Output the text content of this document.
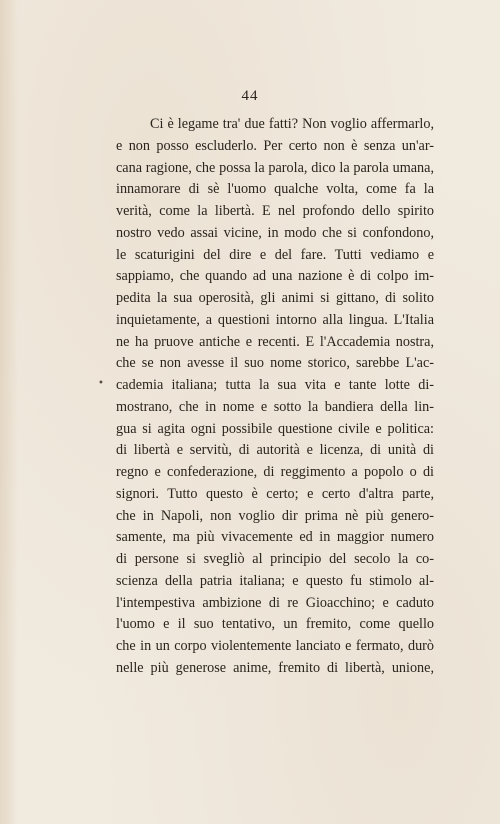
44
•
Ci è legame tra' due fatti? Non voglio affermarlo,
e non posso escluderlo. Per certo non è senza un'ar-
cana ragione, che possa la parola, dico la parola umana,
innamorare di sè l'uomo qualche volta, come fa la
verità, come la libertà. E nel profondo dello spirito
nostro vedo assai vicine, in modo che si confondono,
le scaturigini del dire e del fare. Tutti vediamo e
sappiamo, che quando ad una nazione è di colpo im-
pedita la sua operosità, gli animi si gittano, di solito
inquietamente, a questioni intorno alla lingua. L'Italia
ne ha pruove antiche e recenti. E l'Accademia nostra,
che se non avesse il suo nome storico, sarebbe L'ac-
cademia italiana; tutta la sua vita e tante lotte di-
mostrano, che in nome e sotto la bandiera della lin-
gua si agita ogni possibile questione civile e politica:
di libertà e servitù, di autorità e licenza, di unità di
regno e confederazione, di reggimento a popolo o di
signori. Tutto questo è certo; e certo d'altra parte,
che in Napoli, non voglio dir prima nè più genero-
samente, ma più vivacemente ed in maggior numero
di persone si svegliò al principio del secolo la co-
scienza della patria italiana; e questo fu stimolo al-
l'intempestiva ambizione di re Gioacchino; e caduto
l'uomo e il suo tentativo, un fremito, come quello
che in un corpo violentemente lanciato e fermato, durò
nelle più generose anime, fremito di libertà, unione,
